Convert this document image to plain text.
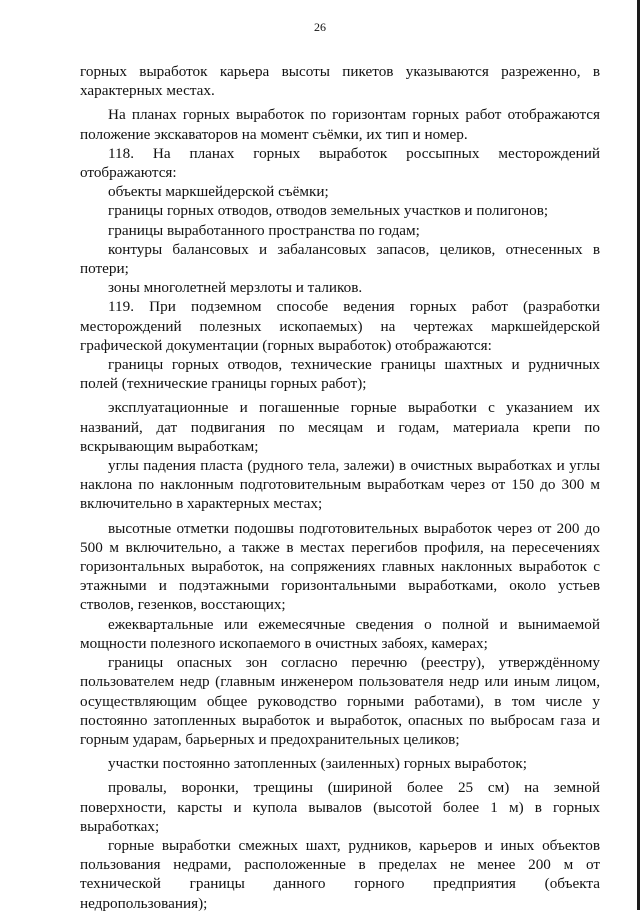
26

горных выработок карьера высоты пикетов указываются разреженно, в характерных местах.

На планах горных выработок по горизонтам горных работ отображаются положение экскаваторов на момент съёмки, их тип и номер.

118. На планах горных выработок россыпных месторождений отображаются:

объекты маркшейдерской съёмки;

границы горных отводов, отводов земельных участков и полигонов;

границы выработанного пространства по годам;

контуры балансовых и забалансовых запасов, целиков, отнесенных в потери;

зоны многолетней мерзлоты и таликов.

119. При подземном способе ведения горных работ (разработки месторождений полезных ископаемых) на чертежах маркшейдерской графической документации (горных выработок) отображаются:

границы горных отводов, технические границы шахтных и рудничных полей (технические границы горных работ);

эксплуатационные и погашенные горные выработки с указанием их названий, дат подвигания по месяцам и годам, материала крепи по вскрывающим выработкам;

углы падения пласта (рудного тела, залежи) в очистных выработках и углы наклона по наклонным подготовительным выработкам через от 150 до 300 м включительно в характерных местах;

высотные отметки подошвы подготовительных выработок через от 200 до 500 м включительно, а также в местах перегибов профиля, на пересечениях горизонтальных выработок, на сопряжениях главных наклонных выработок с этажными и подэтажными горизонтальными выработками, около устьев стволов, гезенков, восстающих;

ежеквартальные или ежемесячные сведения о полной и вынимаемой мощности полезного ископаемого в очистных забоях, камерах;

границы опасных зон согласно перечню (реестру), утверждённому пользователем недр (главным инженером пользователя недр или иным лицом, осуществляющим общее руководство горными работами), в том числе у постоянно затопленных выработок и выработок, опасных по выбросам газа и горным ударам, барьерных и предохранительных целиков;

участки постоянно затопленных (заиленных) горных выработок;

провалы, воронки, трещины (шириной более 25 см) на земной поверхности, карсты и купола вывалов (высотой более 1 м) в горных выработках;

горные выработки смежных шахт, рудников, карьеров и иных объектов пользования недрами, расположенные в пределах не менее 200 м от технической границы данного горного предприятия (объекта недропользования);
